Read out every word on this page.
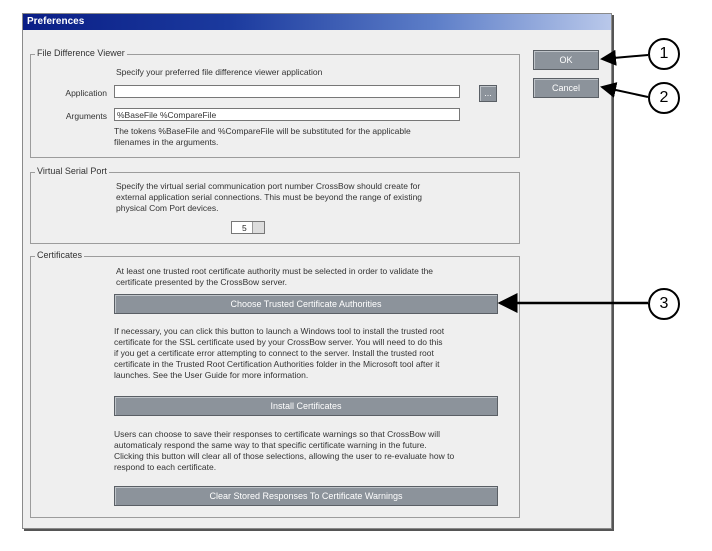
Preferences
File Difference Viewer
Specify your preferred file difference viewer application
Application	...
Arguments	%BaseFile %CompareFile
The tokens %BaseFile and %CompareFile will be substituted for the applicable
filenames in the arguments.
Virtual Serial Port
Specify the virtual serial communication port number CrossBow should create for
external application serial connections. This must be beyond the range of existing
physical Com Port devices.
5
Certificates
At least one trusted root certificate authority must be selected in order to validate the
certificate presented by the CrossBow server.
Choose Trusted Certificate Authorities
If necessary, you can click this button to launch a Windows tool to install the trusted root
certificate for the SSL certificate used by your CrossBow server. You will need to do this
if you get a certificate error attempting to connect to the server. Install the trusted root
certificate in the Trusted Root Certification Authorities folder in the Microsoft tool after it
launches. See the User Guide for more information.
Install Certificates
Users can choose to save their responses to certificate warnings so that CrossBow will
automaticaly respond the same way to that specific certificate warning in the future.
Clicking this button will clear all of those selections, allowing the user to re-evaluate how to
respond to each certificate.
Clear Stored Responses To Certificate Warnings
OK
Cancel
1
2
3
